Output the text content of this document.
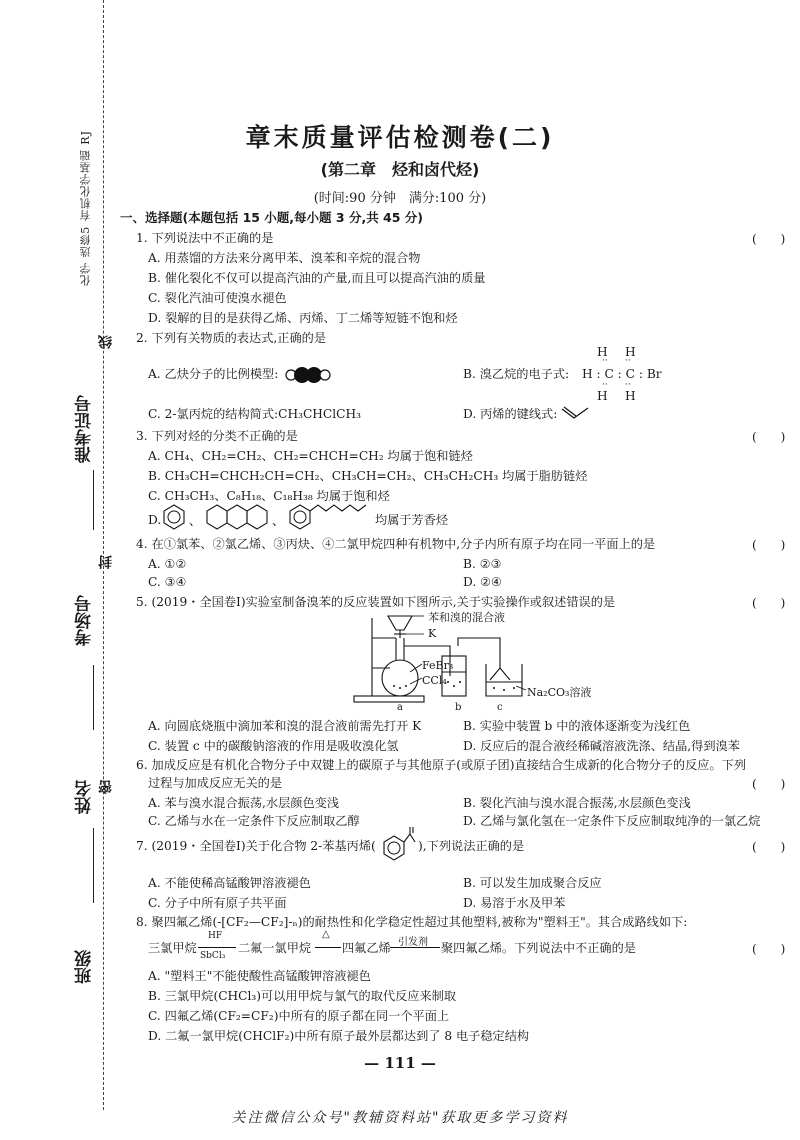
化学 选修5 有机化学基础 RJ
线
封
密
准考证号
考场号
姓名
班级
章末质量评估检测卷(二)
(第二章　烃和卤代烃)
(时间:90 分钟　满分:100 分)
一、选择题(本题包括 15 小题,每小题 3 分,共 45 分)
1. 下列说法中不正确的是	(　　)
A. 用蒸馏的方法来分离甲苯、溴苯和辛烷的混合物
B. 催化裂化不仅可以提高汽油的产量,而且可以提高汽油的质量
C. 裂化汽油可使溴水褪色
D. 裂解的目的是获得乙烯、丙烯、丁二烯等短链不饱和烃
2. 下列有关物质的表达式,正确的是
A. 乙炔分子的比例模型:	B. 溴乙烷的电子式:
H H
··      ··
H : C : C : Br
··      ··
H H
C. 2-氯丙烷的结构简式:CH₃CHClCH₃	D. 丙烯的键线式:
3. 下列对烃的分类不正确的是	(　　)
A. CH₄、CH₂=CH₂、CH₂=CHCH=CH₂ 均属于饱和链烃
B. CH₃CH=CHCH₂CH=CH₂、CH₃CH=CH₂、CH₃CH₂CH₃ 均属于脂肪链烃
C. CH₃CH₃、C₈H₁₈、C₁₈H₃₈ 均属于饱和烃
D. 、	、	均属于芳香烃
4. 在①氯苯、②氯乙烯、③丙炔、④二氯甲烷四种有机物中,分子内所有原子均在同一平面上的是	(　　)
A. ①②	B. ②③
C. ③④	D. ②④
5. (2019・全国卷Ⅰ)实验室制备溴苯的反应装置如下图所示,关于实验操作或叙述错误的是	(　　)
苯和溴的混合液
K
FeBr₃
CCl₄
Na₂CO₃溶液
a	b	c
A. 向圆底烧瓶中滴加苯和溴的混合液前需先打开 K	B. 实验中装置 b 中的液体逐渐变为浅红色
C. 装置 c 中的碳酸钠溶液的作用是吸收溴化氢	D. 反应后的混合液经稀碱溶液洗涤、结晶,得到溴苯
6. 加成反应是有机化合物分子中双键上的碳原子与其他原子(或原子团)直接结合生成新的化合物分子的反应。下列
过程与加成反应无关的是	(　　)
A. 苯与溴水混合振荡,水层颜色变浅	B. 裂化汽油与溴水混合振荡,水层颜色变浅
C. 乙烯与水在一定条件下反应制取乙醇	D. 乙烯与氯化氢在一定条件下反应制取纯净的一氯乙烷
7. (2019・全国卷Ⅰ)关于化合物 2-苯基丙烯(	),下列说法正确的是	(　　)
A. 不能使稀高锰酸钾溶液褪色	B. 可以发生加成聚合反应
C. 分子中所有原子共平面	D. 易溶于水及甲苯
8. 聚四氟乙烯(-[CF₂—CF₂]-ₙ)的耐热性和化学稳定性超过其他塑料,被称为"塑料王"。其合成路线如下:
三氯甲烷
HF
SbCl₃
二氟一氯甲烷
△
四氟乙烯 引发剂 聚四氟乙烯。下列说法中不正确的是	(　　)
A. "塑料王"不能使酸性高锰酸钾溶液褪色
B. 三氯甲烷(CHCl₃)可以用甲烷与氯气的取代反应来制取
C. 四氟乙烯(CF₂=CF₂)中所有的原子都在同一个平面上
D. 二氟一氯甲烷(CHClF₂)中所有原子最外层都达到了 8 电子稳定结构
— 111 —
关注微信公众号"教辅资料站"获取更多学习资料
